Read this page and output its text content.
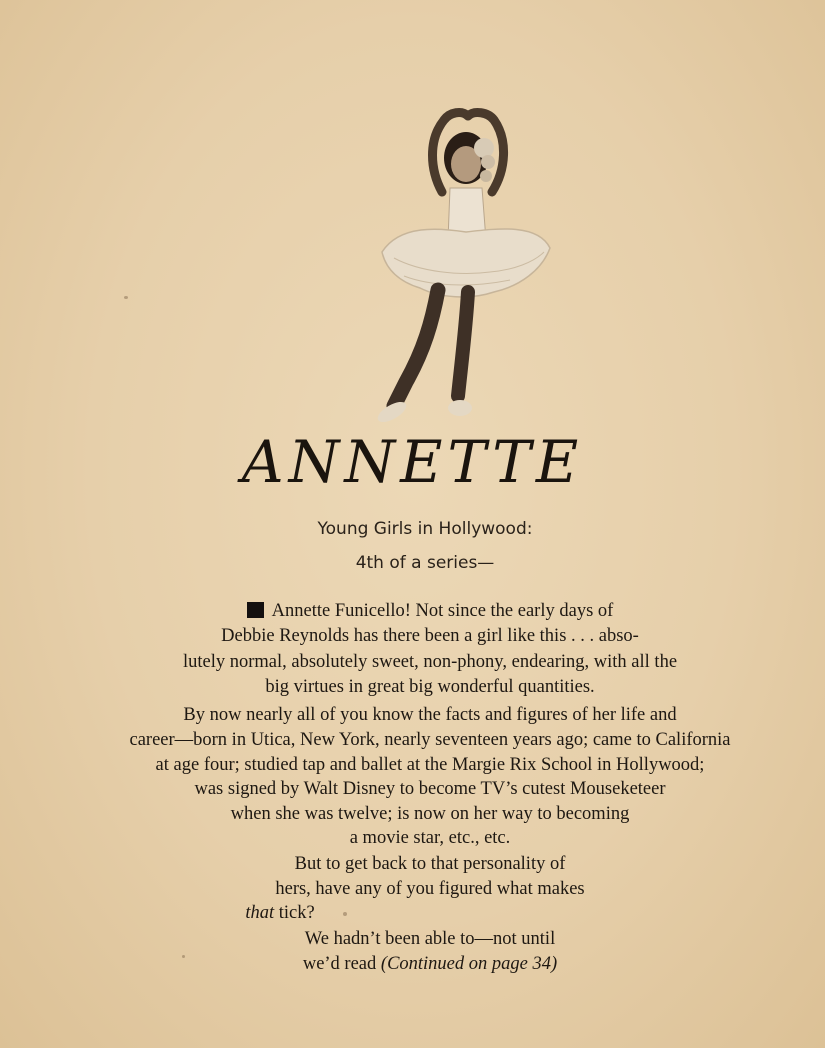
ANNETTE
Young Girls in Hollywood:
4th of a series—
Annette Funicello! Not since the early days of
Debbie Reynolds has there been a girl like this . . . abso-
lutely normal, absolutely sweet, non-phony, endearing, with all the
big virtues in great big wonderful quantities.
By now nearly all of you know the facts and figures of her life and
career—born in Utica, New York, nearly seventeen years ago; came to California
at age four; studied tap and ballet at the Margie Rix School in Hollywood;
was signed by Walt Disney to become TV’s cutest Mouseketeer
when she was twelve; is now on her way to becoming
a movie star, etc., etc.
But to get back to that personality of
hers, have any of you figured what makes
that tick?
We hadn’t been able to—not until
we’d read (Continued on page 34)
